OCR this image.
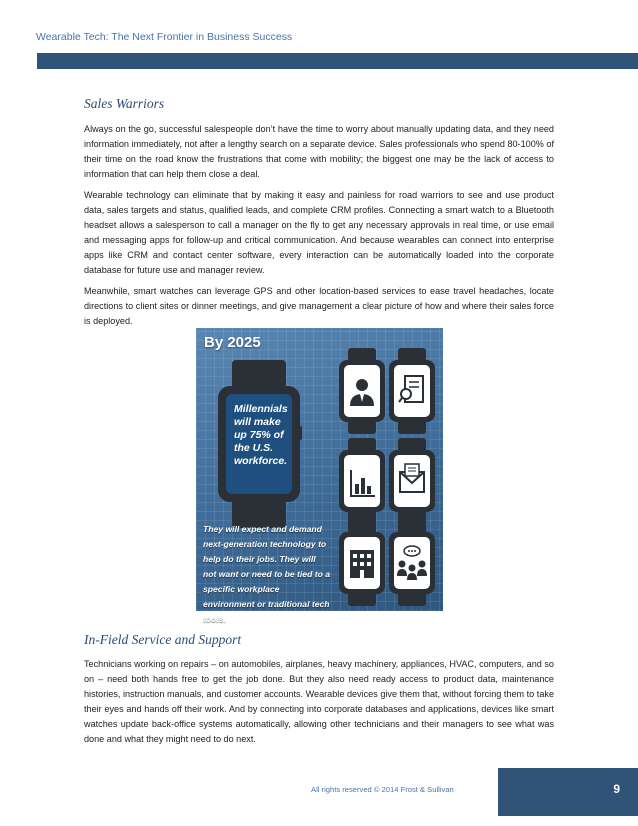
Wearable Tech: The Next Frontier in Business Success
Sales Warriors

Always on the go, successful salespeople don’t have the time to worry about manually updating data, and they need information immediately, not after a lengthy search on a separate device. Sales professionals who spend 80-100% of their time on the road know the frustrations that come with mobility; the biggest one may be the lack of access to information that can help them close a deal.

Wearable technology can eliminate that by making it easy and painless for road warriors to see and use product data, sales targets and status, qualified leads, and complete CRM profiles. Connecting a smart watch to a Bluetooth headset allows a salesperson to call a manager on the fly to get any necessary approvals in real time, or use email and messaging apps for follow-up and critical communication. And because wearables can connect into enterprise apps like CRM and contact center software, every interaction can be automatically loaded into the corporate database for future use and manager review.

Meanwhile, smart watches can leverage GPS and other location-based services to ease travel headaches, locate directions to client sites or dinner meetings, and give management a clear picture of how and where their sales force is deployed.

By 2025
Millennials will make up 75% of the U.S. workforce.
They will expect and demand next-generation technology to help do their jobs. They will not want or need to be tied to a specific workplace environment or traditional tech tools.
In-Field Service and Support

Technicians working on repairs – on automobiles, airplanes, heavy machinery, appliances, HVAC, computers, and so on – need both hands free to get the job done. But they also need ready access to product data, maintenance histories, instruction manuals, and customer accounts. Wearable devices give them that, without forcing them to take their eyes and hands off their work. And by connecting into corporate databases and applications, devices like smart watches update back-office systems automatically, allowing other technicians and their managers to see what was done and what they might need to do next.

All rights reserved © 2014 Frost & Sullivan	9
